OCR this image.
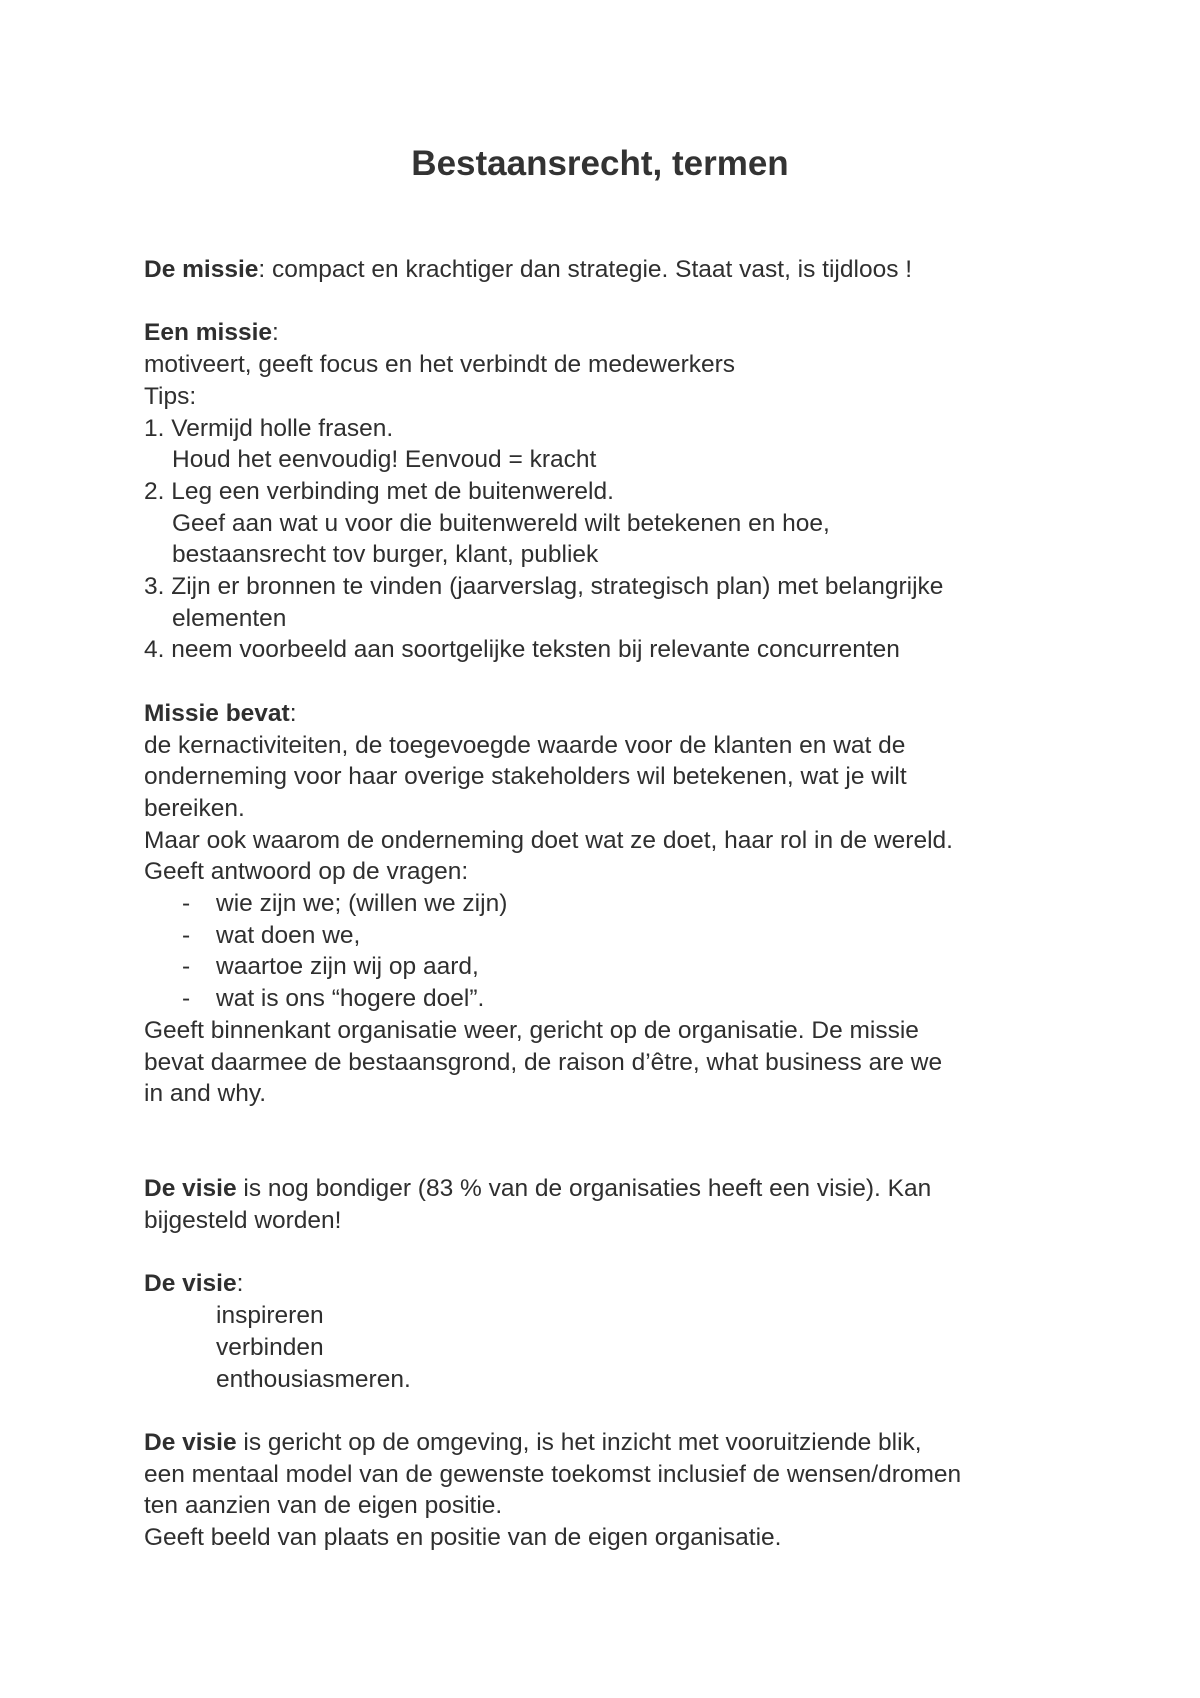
Bestaansrecht, termen
De missie: compact en krachtiger dan strategie. Staat vast, is tijdloos !
Een missie:
motiveert, geeft focus en het verbindt de medewerkers
Tips:
1. Vermijd holle frasen.
Houd het eenvoudig! Eenvoud = kracht
2. Leg een verbinding met de buitenwereld.
Geef aan wat u voor die buitenwereld wilt betekenen en hoe,
bestaansrecht tov burger, klant, publiek
3. Zijn er bronnen te vinden (jaarverslag, strategisch plan) met belangrijke
elementen
4. neem voorbeeld aan soortgelijke teksten bij relevante concurrenten
Missie bevat:
de kernactiviteiten, de toegevoegde waarde voor de klanten en wat de
onderneming voor haar overige stakeholders wil betekenen, wat je wilt
bereiken.
Maar ook waarom de onderneming doet wat ze doet, haar rol in de wereld.
Geeft antwoord op de vragen:
- wie zijn we; (willen we zijn)
- wat doen we,
- waartoe zijn wij op aard,
- wat is ons “hogere doel”.
Geeft binnenkant organisatie weer, gericht op de organisatie. De missie
bevat daarmee de bestaansgrond, de raison d’être, what business are we
in and why.
De visie is nog bondiger (83 % van de organisaties heeft een visie). Kan
bijgesteld worden!
De visie:
inspireren
verbinden
enthousiasmeren.
De visie is gericht op de omgeving, is het inzicht met vooruitziende blik,
een mentaal model van de gewenste toekomst inclusief de wensen/dromen
ten aanzien van de eigen positie.
Geeft beeld van plaats en positie van de eigen organisatie.
